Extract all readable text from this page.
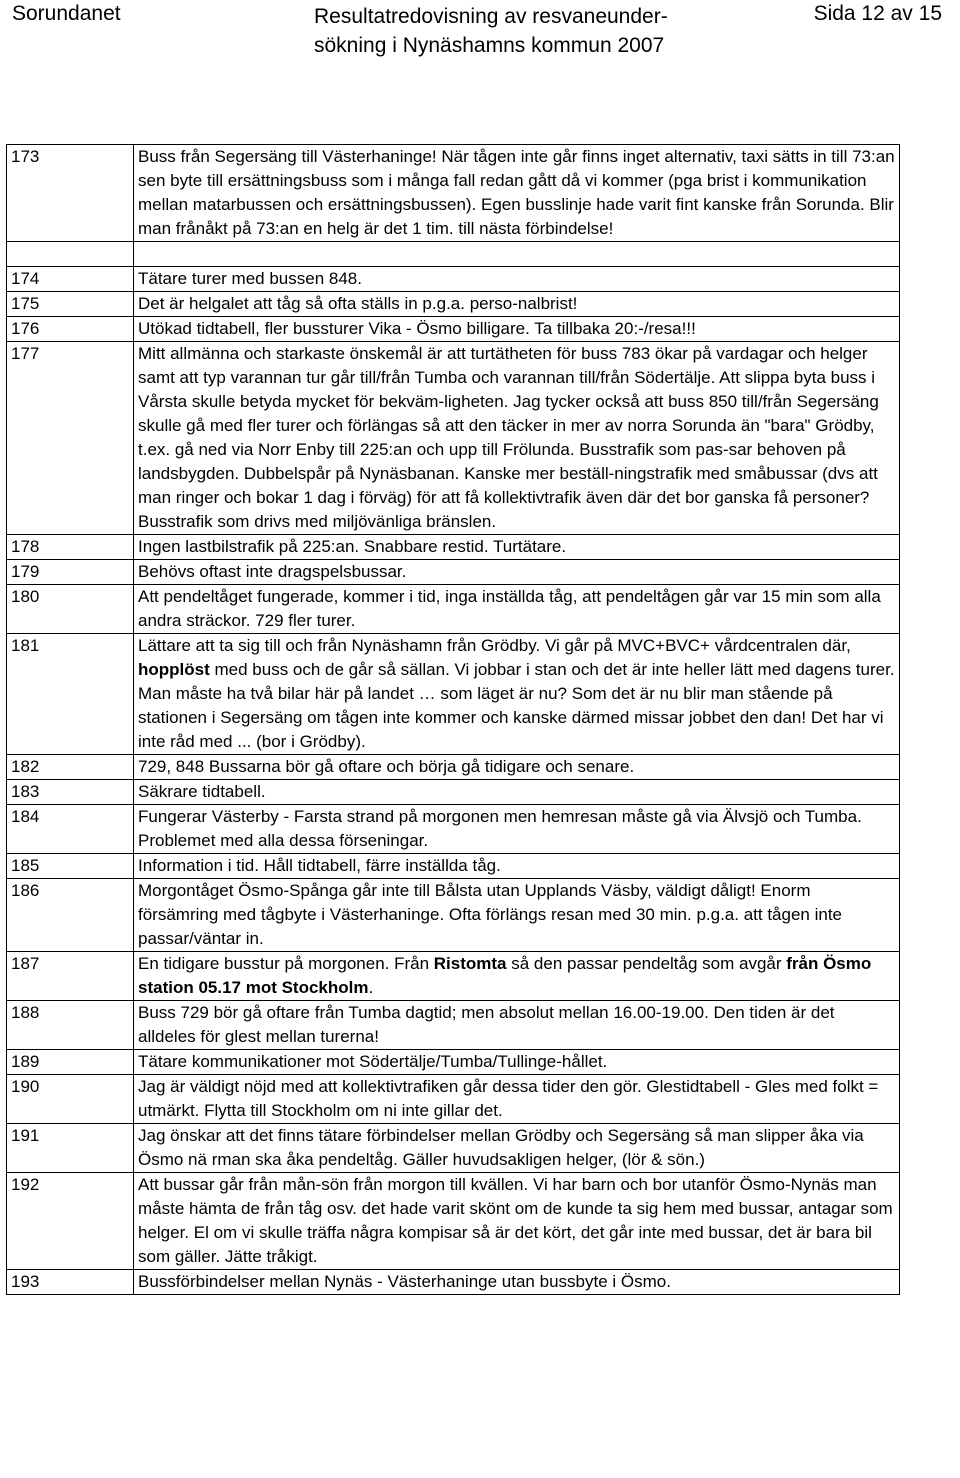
Sorundanet	Resultatredovisning av resvaneunder-
sökning i Nynäshamns kommun 2007
Sida 12 av 15
173	Buss från Segersäng till Västerhaninge! När tågen inte går finns inget alternativ, taxi sätts in till 73:an sen byte till ersättningsbuss som i många fall redan gått då vi kommer (pga brist i kommunikation mellan matarbussen och ersättningsbussen). Egen busslinje hade varit fint kanske från Sorunda. Blir man frånåkt på 73:an en helg är det 1 tim. till nästa förbindelse!

174	Tätare turer med bussen 848.
175	Det är helgalet att tåg så ofta ställs in p.g.a. perso-nalbrist!
176	Utökad tidtabell, fler bussturer Vika - Ösmo billigare. Ta tillbaka 20:-/resa!!!
177	Mitt allmänna och starkaste önskemål är att turtätheten för buss 783 ökar på vardagar och helger samt att typ varannan tur går till/från Tumba och varannan till/från Södertälje. Att slippa byta buss i Vårsta skulle betyda mycket för bekväm-ligheten. Jag tycker också att buss 850 till/från Segersäng skulle gå med fler turer och förlängas så att den täcker in mer av norra Sorunda än "bara" Grödby, t.ex. gå ned via Norr Enby till 225:an och upp till Frölunda. Busstrafik som pas-sar behoven på landsbygden. Dubbelspår på Nynäsbanan. Kanske mer beställ-ningstrafik med småbussar (dvs att man ringer och bokar 1 dag i förväg) för att få kollektivtrafik även där det bor ganska få personer? Busstrafik som drivs med miljövänliga bränslen.
178	Ingen lastbilstrafik på 225:an. Snabbare restid. Turtätare.
179	Behövs oftast inte dragspelsbussar.
180	Att pendeltåget fungerade, kommer i tid, inga inställda tåg, att pendeltågen går var 15 min som alla andra sträckor. 729 fler turer.
181	Lättare att ta sig till och från Nynäshamn från Grödby. Vi går på MVC+BVC+ vårdcentralen där, hopplöst med buss och de går så sällan. Vi jobbar i stan och det är inte heller lätt med dagens turer. Man måste ha två bilar här på landet … som läget är nu? Som det är nu blir man stående på stationen i Segersäng om tågen inte kommer och kanske därmed missar jobbet den dan! Det har vi inte råd med ... (bor i Grödby).
182	729, 848 Bussarna bör gå oftare och börja gå tidigare och senare.
183	Säkrare tidtabell.
184	Fungerar Västerby - Farsta strand på morgonen men hemresan måste gå via Älvsjö och Tumba. Problemet med alla dessa förseningar.
185	Information i tid. Håll tidtabell, färre inställda tåg.
186	Morgontåget Ösmo-Spånga går inte till Bålsta utan Upplands Väsby, väldigt dåligt! Enorm försämring med tågbyte i Västerhaninge. Ofta förlängs resan med 30 min. p.g.a. att tågen inte passar/väntar in.
187	En tidigare busstur på morgonen. Från Ristomta så den passar pendeltåg som avgår från Ösmo station 05.17 mot Stockholm.
188	Buss 729 bör gå oftare från Tumba dagtid; men absolut mellan 16.00-19.00. Den tiden är det alldeles för glest mellan turerna!
189	Tätare kommunikationer mot Södertälje/Tumba/Tullinge-hållet.
190	Jag är väldigt nöjd med att kollektivtrafiken går dessa tider den gör. Glestidtabell - Gles med folkt = utmärkt. Flytta till Stockholm om ni inte gillar det.
191	Jag önskar att det finns tätare förbindelser mellan Grödby och Segersäng så man slipper åka via Ösmo nä rman ska åka pendeltåg. Gäller huvudsakligen helger, (lör & sön.)
192	Att bussar går från mån-sön från morgon till kvällen. Vi har barn och bor utanför Ösmo-Nynäs man måste hämta de från tåg osv. det hade varit skönt om de kunde ta sig hem med bussar, antagar som helger. El om vi skulle träffa några kompisar så är det kört, det går inte med bussar, det är bara bil som gäller. Jätte tråkigt.
193	Bussförbindelser mellan Nynäs - Västerhaninge utan bussbyte i Ösmo.
